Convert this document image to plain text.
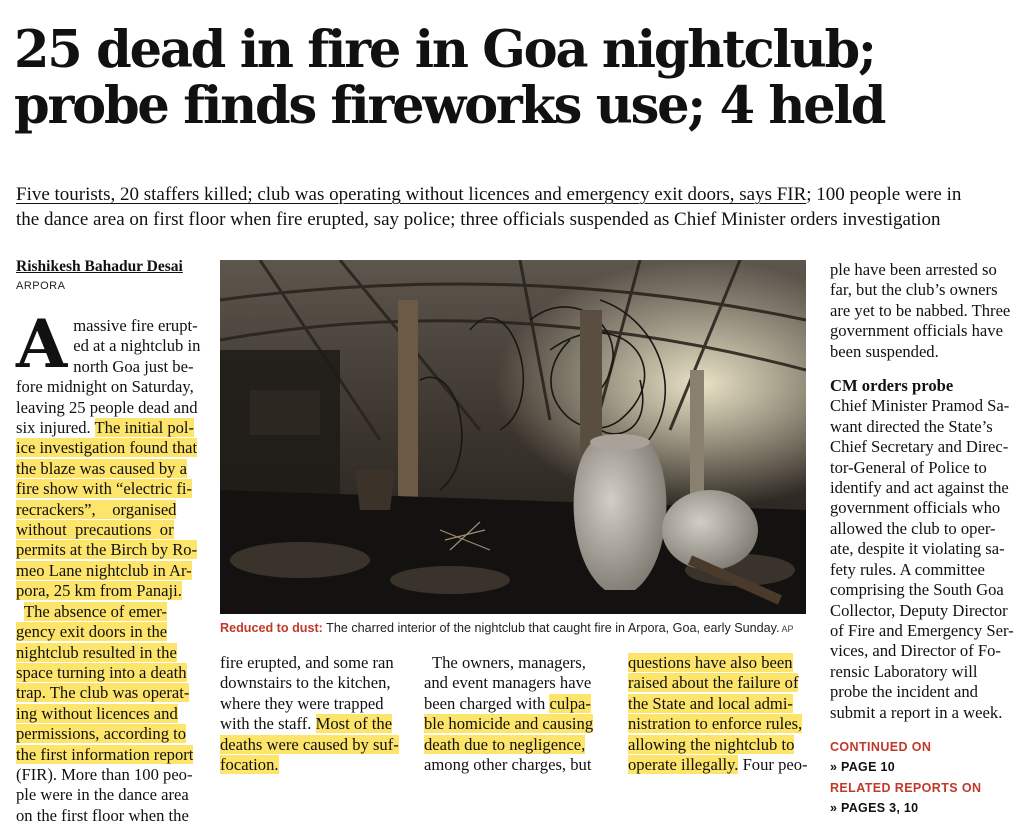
25 dead in fire in Goa nightclub;
probe finds fireworks use; 4 held
Five tourists, 20 staffers killed; club was operating without licences and emergency exit doors, says FIR; 100 people were in
the dance area on first floor when fire erupted, say police; three officials suspended as Chief Minister orders investigation
Rishikesh Bahadur Desai
ARPORA
A massive fire erupt-
ed at a nightclub in
north Goa just be-
fore midnight on Saturday,
leaving 25 people dead and
six injured. The initial pol-
ice investigation found that
the blaze was caused by a
fire show with “electric fi-
recrackers”,    organised
without  precautions  or
permits at the Birch by Ro-
meo Lane nightclub in Ar-
pora, 25 km from Panaji.
The absence of emer-
gency exit doors in the
nightclub resulted in the
space turning into a death
trap. The club was operat-
ing without licences and
permissions, according to
the first information report
(FIR). More than 100 peo-
ple were in the dance area
on the first floor when the
Reduced to dust: The charred interior of the nightclub that caught fire in Arpora, Goa, early Sunday. AP
fire erupted, and some ran
downstairs to the kitchen,
where they were trapped
with the staff. Most of the
deaths were caused by suf-
focation.
The owners, managers,
and event managers have
been charged with culpa-
ble homicide and causing
death due to negligence,
among other charges, but
questions have also been
raised about the failure of
the State and local admi-
nistration to enforce rules,
allowing the nightclub to
operate illegally. Four peo-
ple have been arrested so
far, but the club’s owners
are yet to be nabbed. Three
government officials have
been suspended.
CM orders probe
Chief Minister Pramod Sa-
want directed the State’s
Chief Secretary and Direc-
tor-General of Police to
identify and act against the
government officials who
allowed the club to oper-
ate, despite it violating sa-
fety rules. A committee
comprising the South Goa
Collector, Deputy Director
of Fire and Emergency Ser-
vices, and Director of Fo-
rensic Laboratory will
probe the incident and
submit a report in a week.
CONTINUED ON
» PAGE 10
RELATED REPORTS ON
» PAGES 3, 10
